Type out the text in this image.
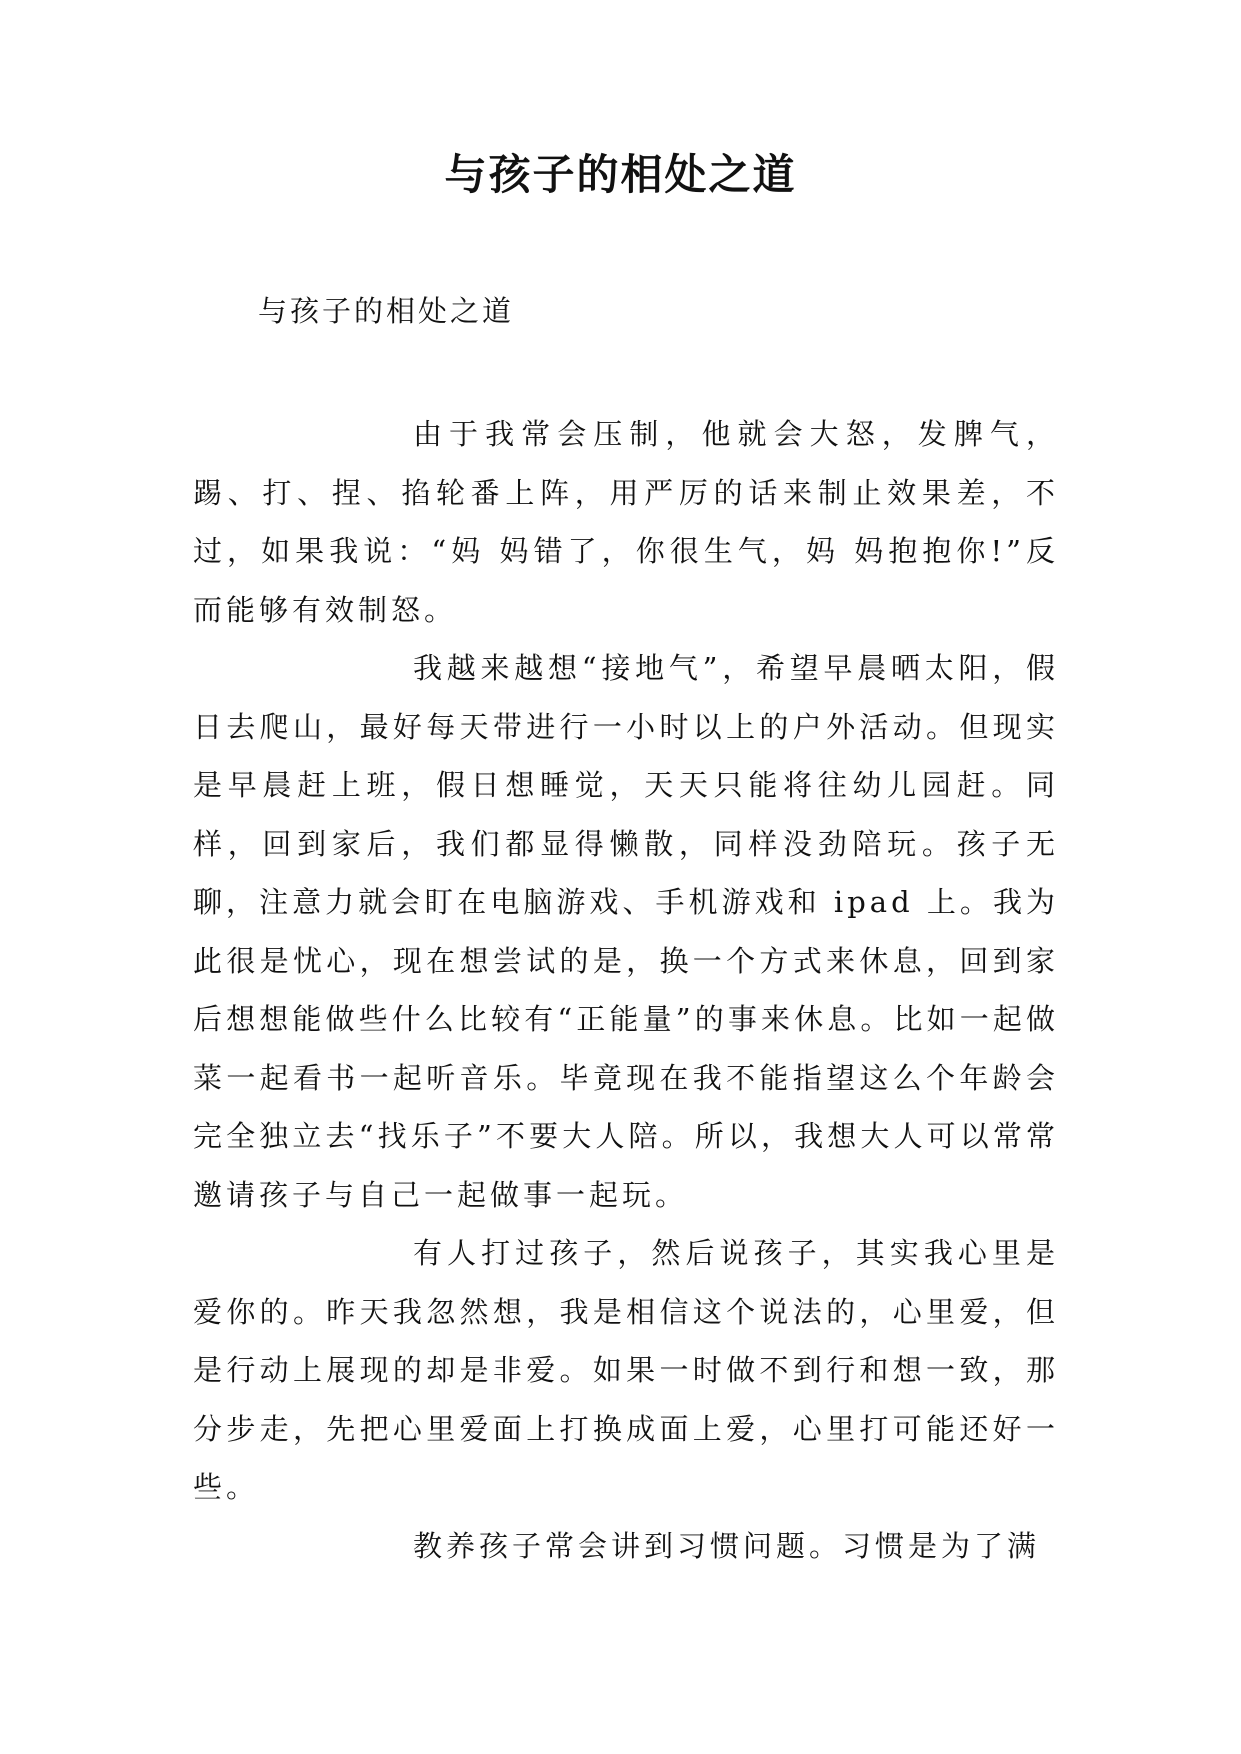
与孩子的相处之道
与孩子的相处之道

由于我常会压制，他就会大怒，发脾气，踢、打、捏、掐轮番上阵，用严厉的话来制止效果差，不过，如果我说：“妈 妈错了，你很生气，妈 妈抱抱你!”反而能够有效制怒。

我越来越想“接地气”，希望早晨晒太阳，假日去爬山，最好每天带进行一小时以上的户外活动。但现实是早晨赶上班，假日想睡觉，天天只能将往幼儿园赶。同样，回到家后，我们都显得懒散，同样没劲陪玩。孩子无聊，注意力就会盯在电脑游戏、手机游戏和 ipad 上。我为此很是忧心，现在想尝试的是，换一个方式来休息，回到家后想想能做些什么比较有“正能量”的事来休息。比如一起做菜一起看书一起听音乐。毕竟现在我不能指望这么个年龄会完全独立去“找乐子”不要大人陪。所以，我想大人可以常常邀请孩子与自己一起做事一起玩。

有人打过孩子，然后说孩子，其实我心里是爱你的。昨天我忽然想，我是相信这个说法的，心里爱，但是行动上展现的却是非爱。如果一时做不到行和想一致，那分步走，先把心里爱面上打换成面上爱，心里打可能还好一些。

教养孩子常会讲到习惯问题。习惯是为了满
